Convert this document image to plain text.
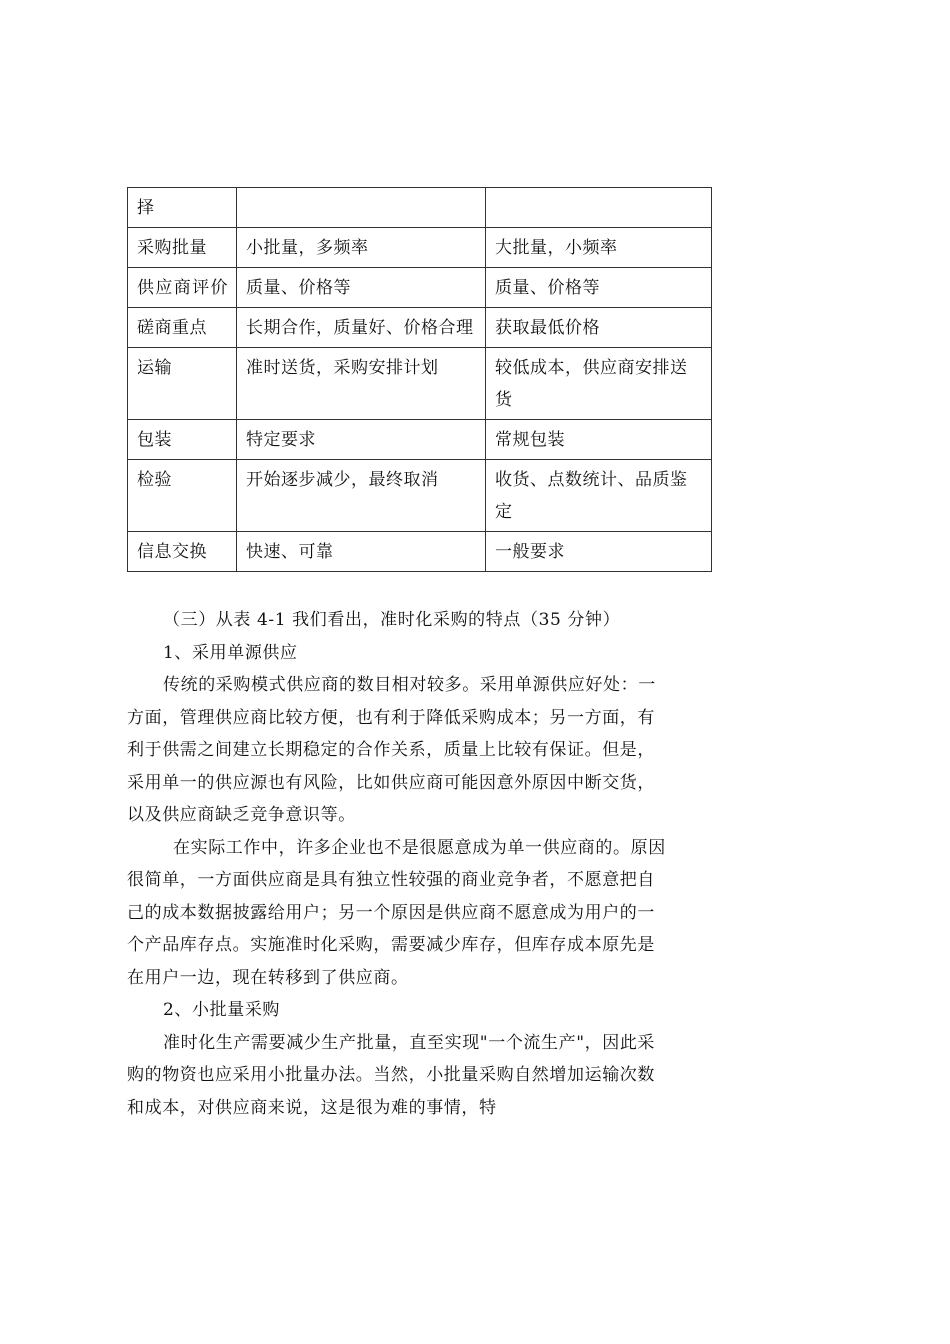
择		
采购批量	小批量，多频率	大批量，小频率
供应商评价	质量、价格等	质量、价格等
磋商重点	长期合作，质量好、价格合理	获取最低价格
运输	准时送货，采购安排计划	较低成本，供应商安排送货
包装	特定要求	常规包装
检验	开始逐步减少，最终取消	收货、点数统计、品质鉴定
信息交换	快速、可靠	一般要求

（三）从表 4-1 我们看出，准时化采购的特点（35 分钟）

1、采用单源供应

传统的采购模式供应商的数目相对较多。采用单源供应好处：一方面，管理供应商比较方便，也有利于降低采购成本；另一方面，有利于供需之间建立长期稳定的合作关系，质量上比较有保证。但是，采用单一的供应源也有风险，比如供应商可能因意外原因中断交货，以及供应商缺乏竞争意识等。

在实际工作中，许多企业也不是很愿意成为单一供应商的。原因很简单，一方面供应商是具有独立性较强的商业竞争者，不愿意把自己的成本数据披露给用户；另一个原因是供应商不愿意成为用户的一个产品库存点。实施准时化采购，需要减少库存，但库存成本原先是在用户一边，现在转移到了供应商。

2、小批量采购

准时化生产需要减少生产批量，直至实现"一个流生产"，因此采购的物资也应采用小批量办法。当然，小批量采购自然增加运输次数和成本，对供应商来说，这是很为难的事情，特
